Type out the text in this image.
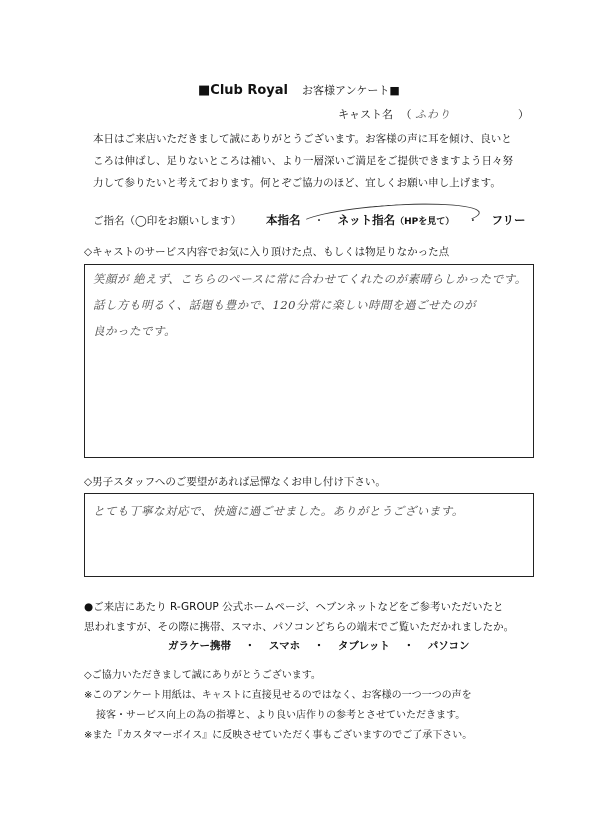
■Club Royal お客様アンケート■
キャスト名 （ ふわり	）
本日はご来店いただきまして誠にありがとうございます。お客様の声に耳を傾け、良いと
ころは伸ばし、足りないところは補い、より一層深いご満足をご提供できますよう日々努
力して参りたいと考えております。何とぞご協力のほど、宜しくお願い申し上げます。
ご指名（◯印をお願いします） 本指名 ・ ネット指名（HPを見て） ・ フリー
◇キャストのサービス内容でお気に入り頂けた点、もしくは物足りなかった点
笑顔が 絶えず、こちらのペースに常に合わせてくれたのが素晴らしかったです。
話し方も明るく、話題も豊かで、120分常に楽しい時間を過ごせたのが
良かったです。
◇男子スタッフへのご要望があれば忌憚なくお申し付け下さい。
とても丁寧な対応で、快適に過ごせました。ありがとうございます。
●ご来店にあたり R-GROUP 公式ホームページ、ヘブンネットなどをご参考いただいたと
思われますが、その際に携帯、スマホ、パソコンどちらの端末でご覧いただかれましたか。
ガラケー携帯 ・ スマホ ・ タブレット ・ パソコン
◇ご協力いただきまして誠にありがとうございます。
※このアンケート用紙は、キャストに直接見せるのではなく、お客様の一つ一つの声を
接客・サービス向上の為の指導と、より良い店作りの参考とさせていただきます。
※また『カスタマーボイス』に反映させていただく事もございますのでご了承下さい。
